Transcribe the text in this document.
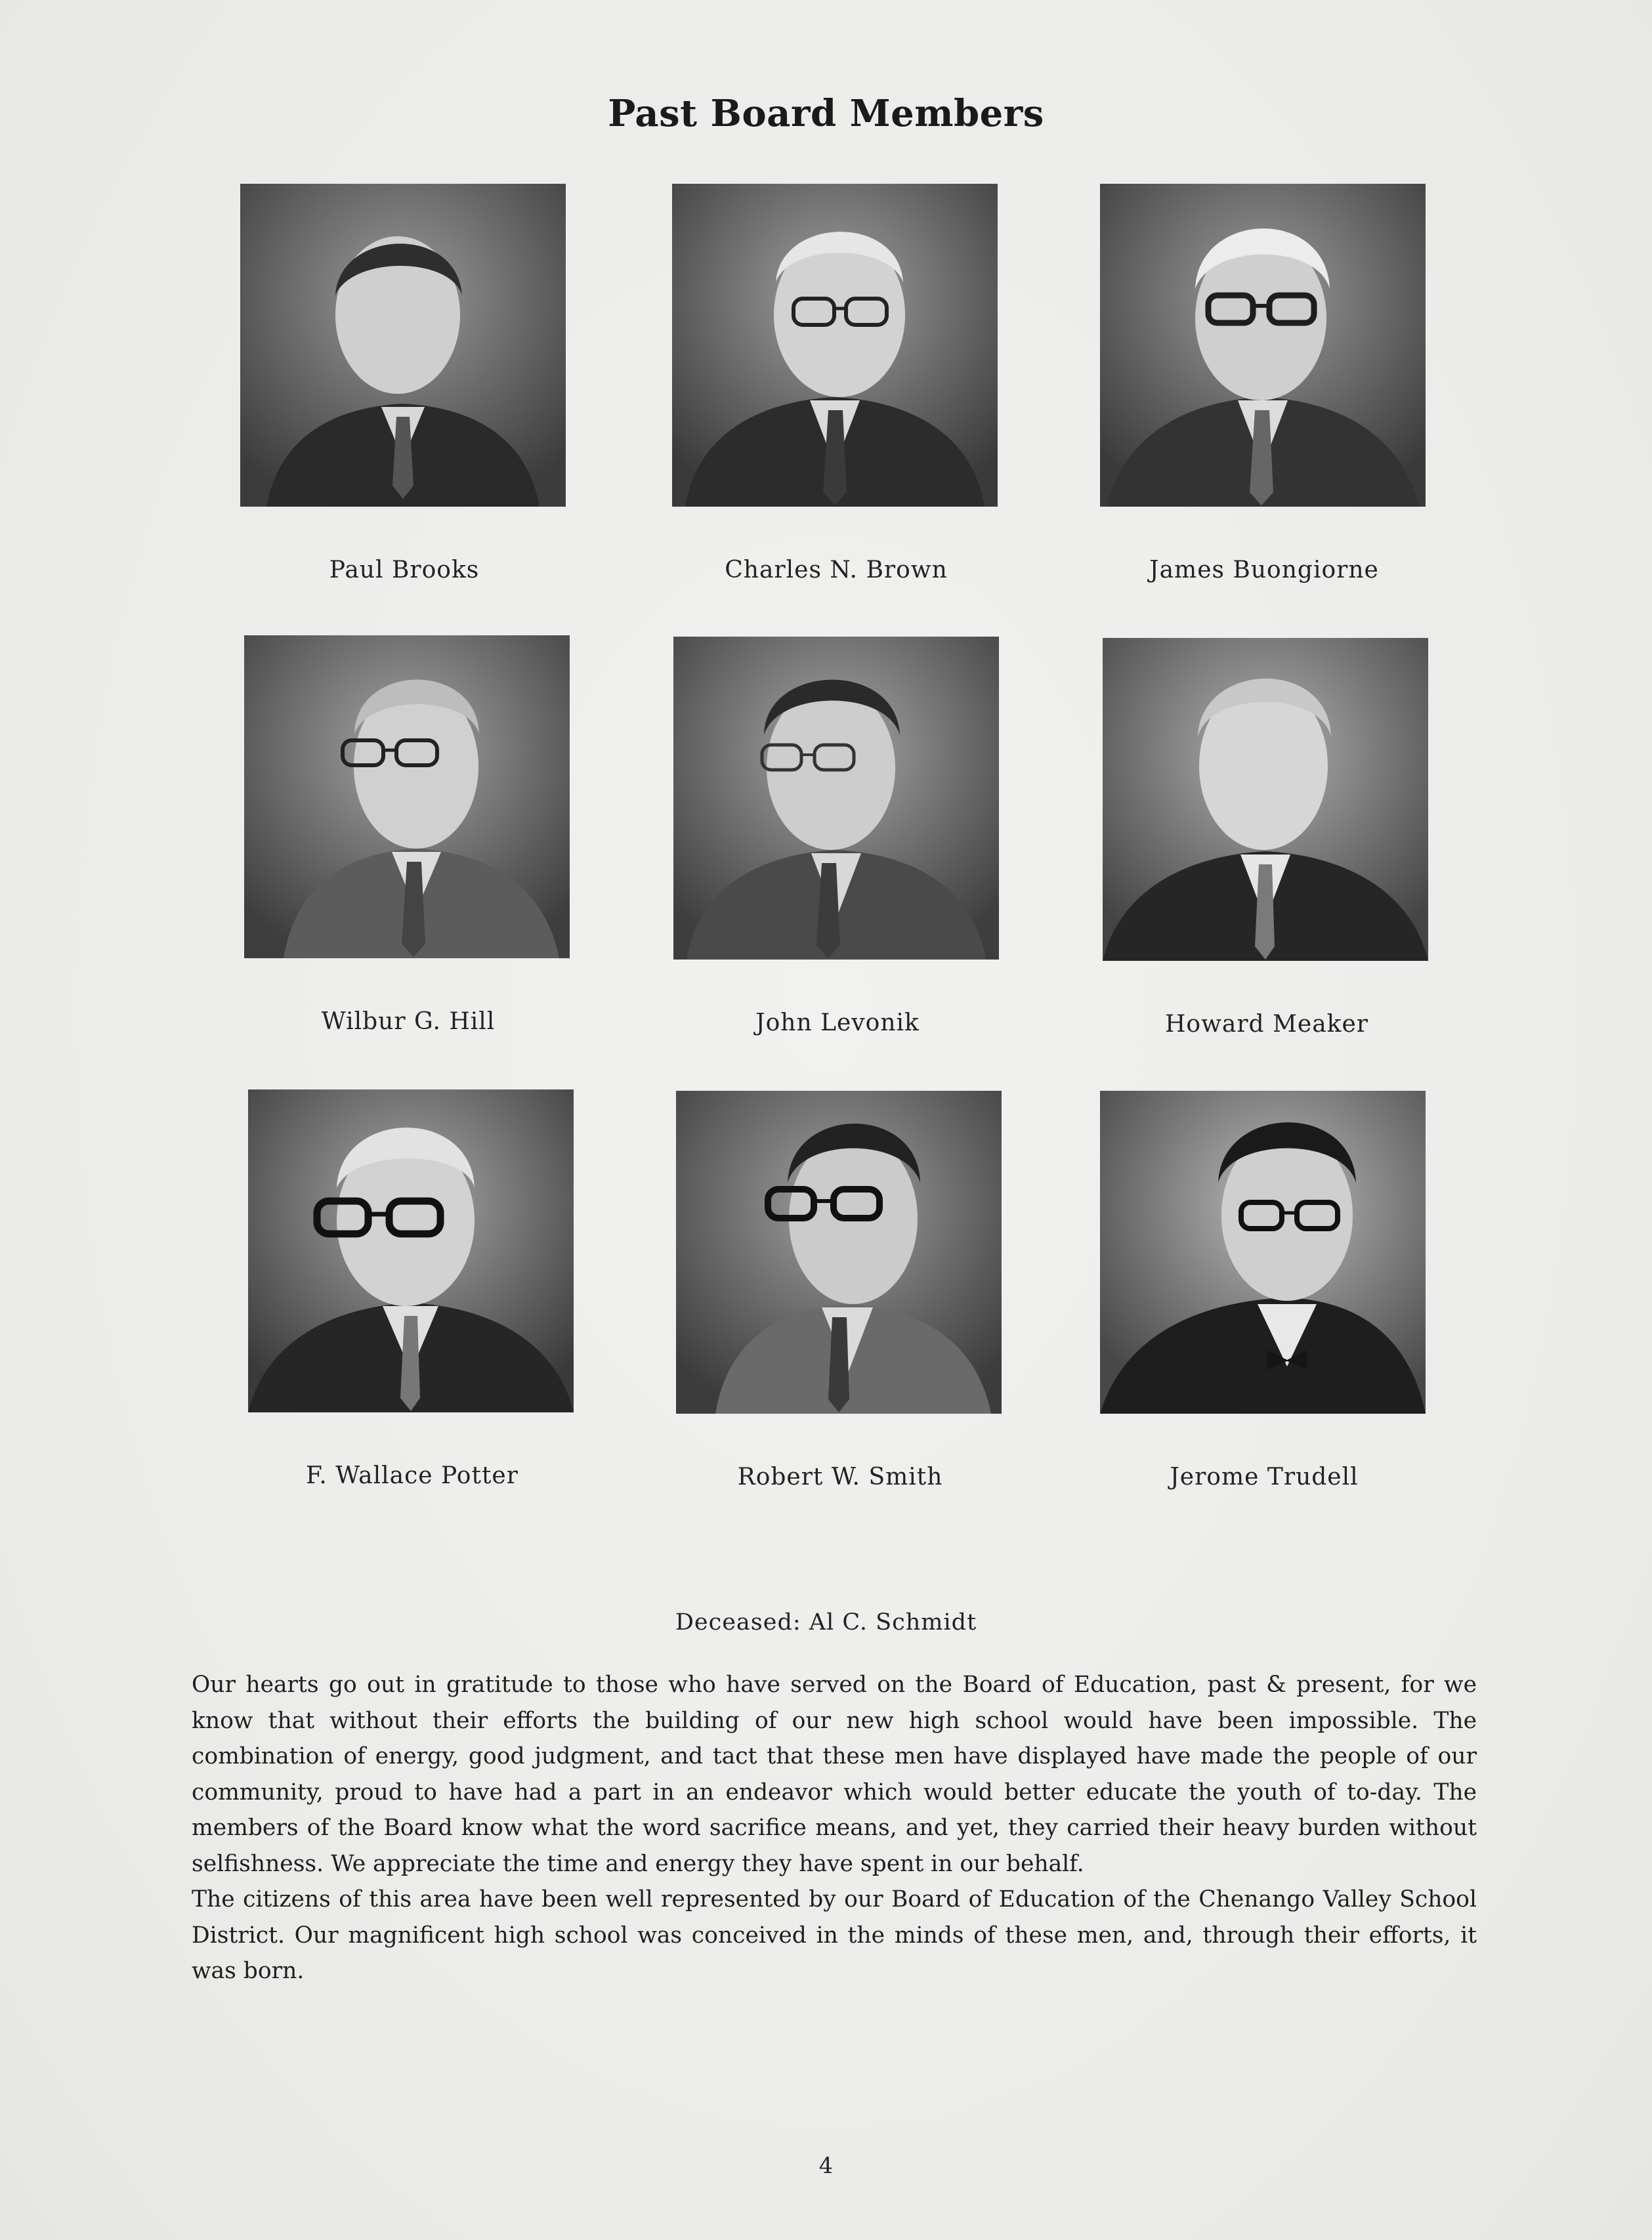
Past Board Members
Paul Brooks	Charles N. Brown	James Buongiorne
Wilbur G. Hill	John Levonik	Howard Meaker
F. Wallace Potter	Robert W. Smith	Jerome Trudell
Deceased: Al C. Schmidt

Our hearts go out in gratitude to those who have served on the Board of Education, past & present, for we know that without their efforts the building of our new high school would have been impossible. The combination of energy, good judgment, and tact that these men have displayed have made the people of our community, proud to have had a part in an endeavor which would better educate the youth of to-day. The members of the Board know what the word sacrifice means, and yet, they carried their heavy burden without selfishness. We appreciate the time and energy they have spent in our behalf.

The citizens of this area have been well represented by our Board of Education of the Chenango Valley School District. Our magnificent high school was conceived in the minds of these men, and, through their efforts, it was born.

4
